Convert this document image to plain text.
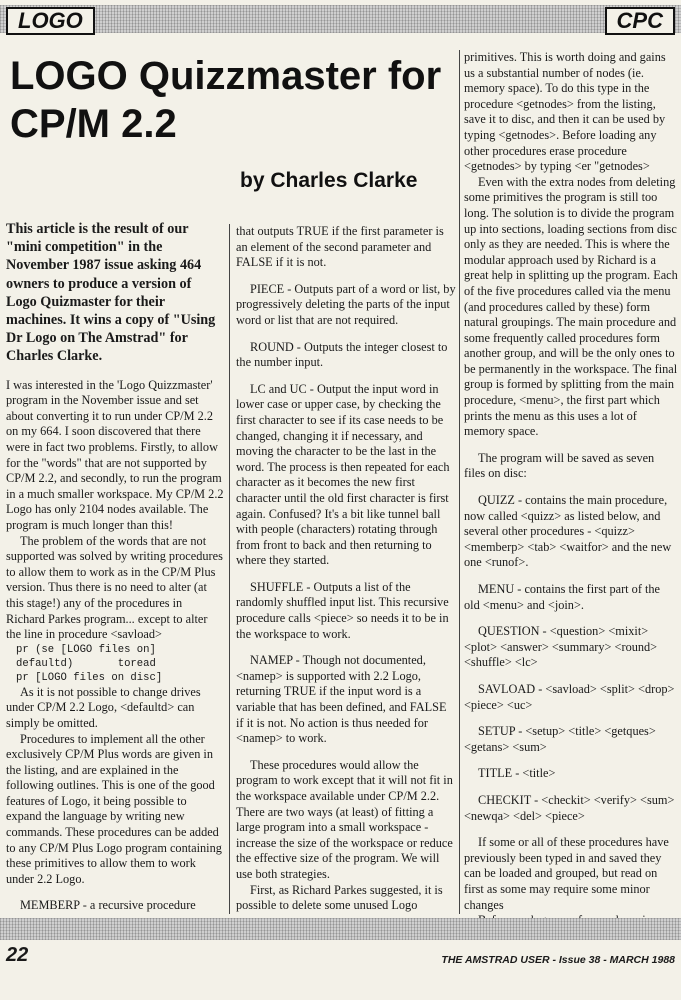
LOGO	CPC
LOGO Quizzmaster for CP/M 2.2
by Charles Clarke

This article is the result of our "mini competition" in the November 1987 issue asking 464 owners to produce a version of Logo Quizmaster for their machines. It wins a copy of "Using Dr Logo on The Amstrad" for Charles Clarke.

I was interested in the 'Logo Quizzmaster' program in the November issue and set about converting it to run under CP/M 2.2 on my 664. I soon discovered that there were in fact two problems. Firstly, to allow for the "words" that are not supported by CP/M 2.2, and secondly, to run the program in a much smaller workspace. My CP/M 2.2 Logo has only 2104 nodes available. The program is much longer than this!

The problem of the words that are not supported was solved by writing procedures to allow them to work as in the CP/M Plus version. Thus there is no need to alter (at this stage!) any of the procedures in Richard Parkes program... except to alter the line in procedure <savload>

pr (se [LOGO files on]
defaultd)       toread
pr [LOGO files on disc]

As it is not possible to change drives under CP/M 2.2 Logo, <defaultd> can simply be omitted.

Procedures to implement all the other exclusively CP/M Plus words are given in the listing, and are explained in the following outlines. This is one of the good features of Logo, it being possible to expand the language by writing new commands. These procedures can be added to any CP/M Plus Logo program containing these primitives to allow them to work under 2.2 Logo.

MEMBERP - a recursive procedure

that outputs TRUE if the first parameter is an element of the second parameter and FALSE if it is not.

PIECE - Outputs part of a word or list, by progressively deleting the parts of the input word or list that are not required.

ROUND - Outputs the integer closest to the number input.

LC and UC - Output the input word in lower case or upper case, by checking the first character to see if its case needs to be changed, changing it if necessary, and moving the character to be the last in the word. The process is then repeated for each character as it becomes the new first character until the old first character is first again. Confused? It's a bit like tunnel ball with people (characters) rotating through from front to back and then returning to where they started.

SHUFFLE - Outputs a list of the randomly shuffled input list. This recursive procedure calls <piece> so needs it to be in the workspace to work.

NAMEP - Though not documented, <namep> is supported with 2.2 Logo, returning TRUE if the input word is a variable that has been defined, and FALSE if it is not. No action is thus needed for <namep> to work.

These procedures would allow the program to work except that it will not fit in the workspace available under CP/M 2.2. There are two ways (at least) of fitting a large program into a small workspace - increase the size of the workspace or reduce the effective size of the program. We will use both strategies.

First, as Richard Parkes suggested, it is possible to delete some unused Logo

primitives. This is worth doing and gains us a substantial number of nodes (ie. memory space). To do this type in the procedure <getnodes> from the listing, save it to disc, and then it can be used by typing <getnodes>. Before loading any other procedures erase procedure <getnodes> by typing <er "getnodes>

Even with the extra nodes from deleting some primitives the program is still too long. The solution is to divide the program up into sections, loading sections from disc only as they are needed. This is where the modular approach used by Richard is a great help in splitting up the program. Each of the five procedures called via the menu (and procedures called by these) form natural groupings. The main procedure and some frequently called procedures form another group, and will be the only ones to be permanently in the workspace. The final group is formed by splitting from the main procedure, <menu>, the first part which prints the menu as this uses a lot of memory space.

The program will be saved as seven files on disc:

QUIZZ - contains the main procedure, now called <quizz> as listed below, and several other procedures - <quizz> <memberp> <tab> <waitfor> and the new one <runof>.

MENU - contains the first part of the old <menu> and <join>.

QUESTION - <question> <mixit> <plot> <answer> <summary> <round> <shuffle> <lc>

SAVLOAD - <savload> <split> <drop> <piece> <uc>

SETUP - <setup> <title> <getques> <getans> <sum>

TITLE - <title>

CHECKIT - <checkit> <verify> <sum> <newqa> <del> <piece>

If some or all of these procedures have previously been typed in and saved they can be loaded and grouped, but read on first as some may require some minor changes

22	THE AMSTRAD USER - Issue 38 - MARCH 1988
